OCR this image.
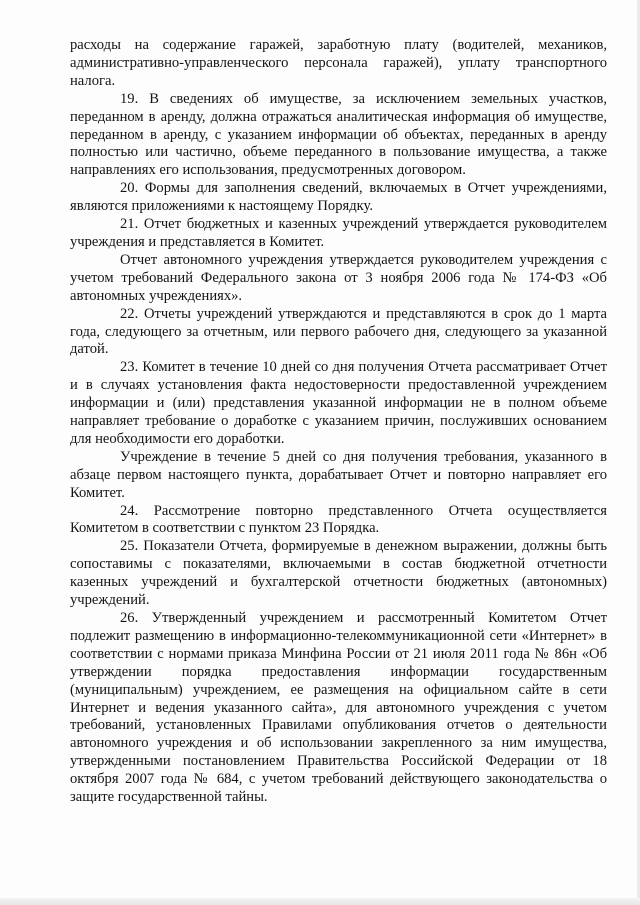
расходы на содержание гаражей, заработную плату (водителей, механиков, административно-управленческого персонала гаражей), уплату транспортного налога.

19. В сведениях об имуществе, за исключением земельных участков, переданном в аренду, должна отражаться аналитическая информация об имуществе, переданном в аренду, с указанием информации об объектах, переданных в аренду полностью или частично, объеме переданного в пользование имущества, а также направлениях его использования, предусмотренных договором.

20. Формы для заполнения сведений, включаемых в Отчет учреждениями, являются приложениями к настоящему Порядку.

21. Отчет бюджетных и казенных учреждений утверждается руководителем учреждения и представляется в Комитет.

Отчет автономного учреждения утверждается руководителем учреждения с учетом требований Федерального закона от 3 ноября 2006 года № 174-ФЗ «Об автономных учреждениях».

22. Отчеты учреждений утверждаются и представляются в срок до 1 марта года, следующего за отчетным, или первого рабочего дня, следующего за указанной датой.

23. Комитет в течение 10 дней со дня получения Отчета рассматривает Отчет и в случаях установления факта недостоверности предоставленной учреждением информации и (или) представления указанной информации не в полном объеме направляет требование о доработке с указанием причин, послуживших основанием для необходимости его доработки.

Учреждение в течение 5 дней со дня получения требования, указанного в абзаце первом настоящего пункта, дорабатывает Отчет и повторно направляет его Комитет.

24. Рассмотрение повторно представленного Отчета осуществляется Комитетом в соответствии с пунктом 23 Порядка.

25. Показатели Отчета, формируемые в денежном выражении, должны быть сопоставимы с показателями, включаемыми в состав бюджетной отчетности казенных учреждений и бухгалтерской отчетности бюджетных (автономных) учреждений.

26. Утвержденный учреждением и рассмотренный Комитетом Отчет подлежит размещению в информационно-телекоммуникационной сети «Интернет» в соответствии с нормами приказа Минфина России от 21 июля 2011 года № 86н «Об утверждении порядка предоставления информации государственным (муниципальным) учреждением, ее размещения на официальном сайте в сети Интернет и ведения указанного сайта», для автономного учреждения с учетом требований, установленных Правилами опубликования отчетов о деятельности автономного учреждения и об использовании закрепленного за ним имущества, утвержденными постановлением Правительства Российской Федерации от 18 октября 2007 года № 684, с учетом требований действующего законодательства о защите государственной тайны.
